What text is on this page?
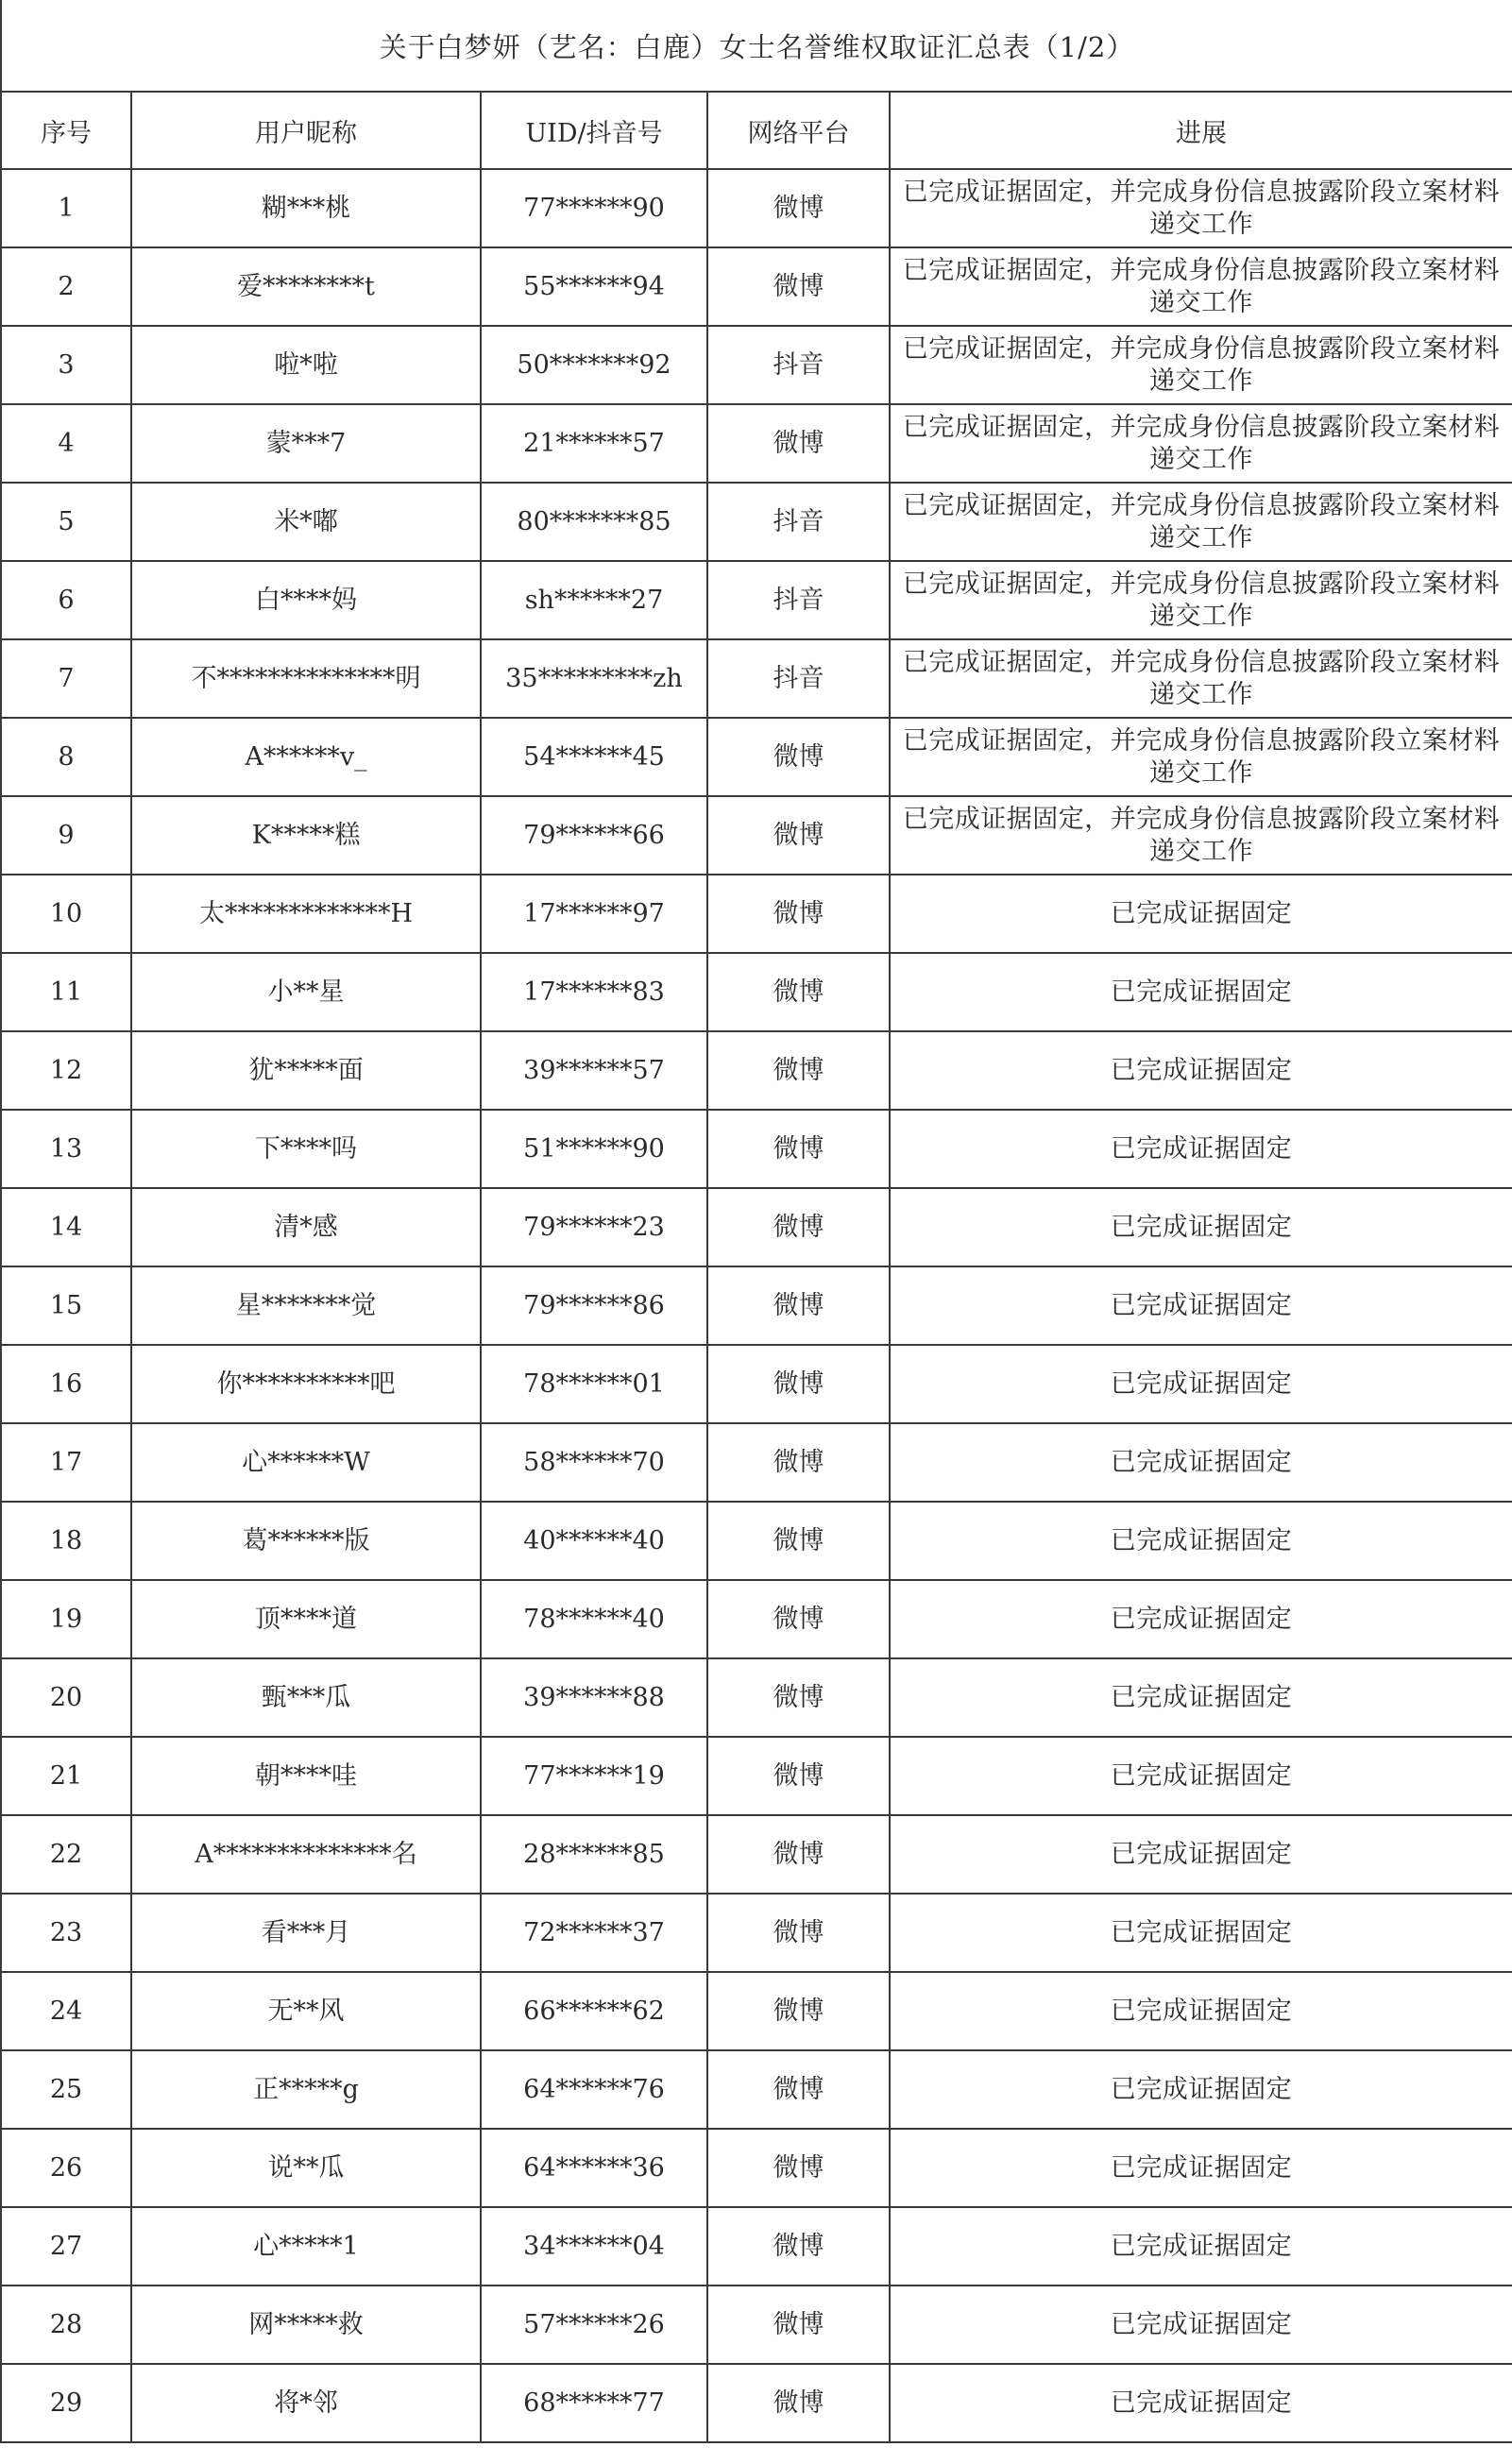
关于白梦妍（艺名：白鹿）女士名誉维权取证汇总表（1/2）				
序号	用户昵称	UID/抖音号	网络平台	进展
1	糊***桃	77******90	微博	已完成证据固定，并完成身份信息披露阶段立案材料递交工作
2	爱********t	55******94	微博	已完成证据固定，并完成身份信息披露阶段立案材料递交工作
3	啦*啦	50*******92	抖音	已完成证据固定，并完成身份信息披露阶段立案材料递交工作
4	蒙***7	21******57	微博	已完成证据固定，并完成身份信息披露阶段立案材料递交工作
5	米*嘟	80*******85	抖音	已完成证据固定，并完成身份信息披露阶段立案材料递交工作
6	白****妈	sh******27	抖音	已完成证据固定，并完成身份信息披露阶段立案材料递交工作
7	不**************明	35*********zh	抖音	已完成证据固定，并完成身份信息披露阶段立案材料递交工作
8	A******v_	54******45	微博	已完成证据固定，并完成身份信息披露阶段立案材料递交工作
9	K*****糕	79******66	微博	已完成证据固定，并完成身份信息披露阶段立案材料递交工作
10	太*************H	17******97	微博	已完成证据固定
11	小**星	17******83	微博	已完成证据固定
12	犹*****面	39******57	微博	已完成证据固定
13	下****吗	51******90	微博	已完成证据固定
14	清*感	79******23	微博	已完成证据固定
15	星*******觉	79******86	微博	已完成证据固定
16	你**********吧	78******01	微博	已完成证据固定
17	心******W	58******70	微博	已完成证据固定
18	葛******版	40******40	微博	已完成证据固定
19	顶****道	78******40	微博	已完成证据固定
20	甄***瓜	39******88	微博	已完成证据固定
21	朝****哇	77******19	微博	已完成证据固定
22	A**************名	28******85	微博	已完成证据固定
23	看***月	72******37	微博	已完成证据固定
24	无**风	66******62	微博	已完成证据固定
25	正*****g	64******76	微博	已完成证据固定
26	说**瓜	64******36	微博	已完成证据固定
27	心*****1	34******04	微博	已完成证据固定
28	网*****救	57******26	微博	已完成证据固定
29	将*邻	68******77	微博	已完成证据固定
